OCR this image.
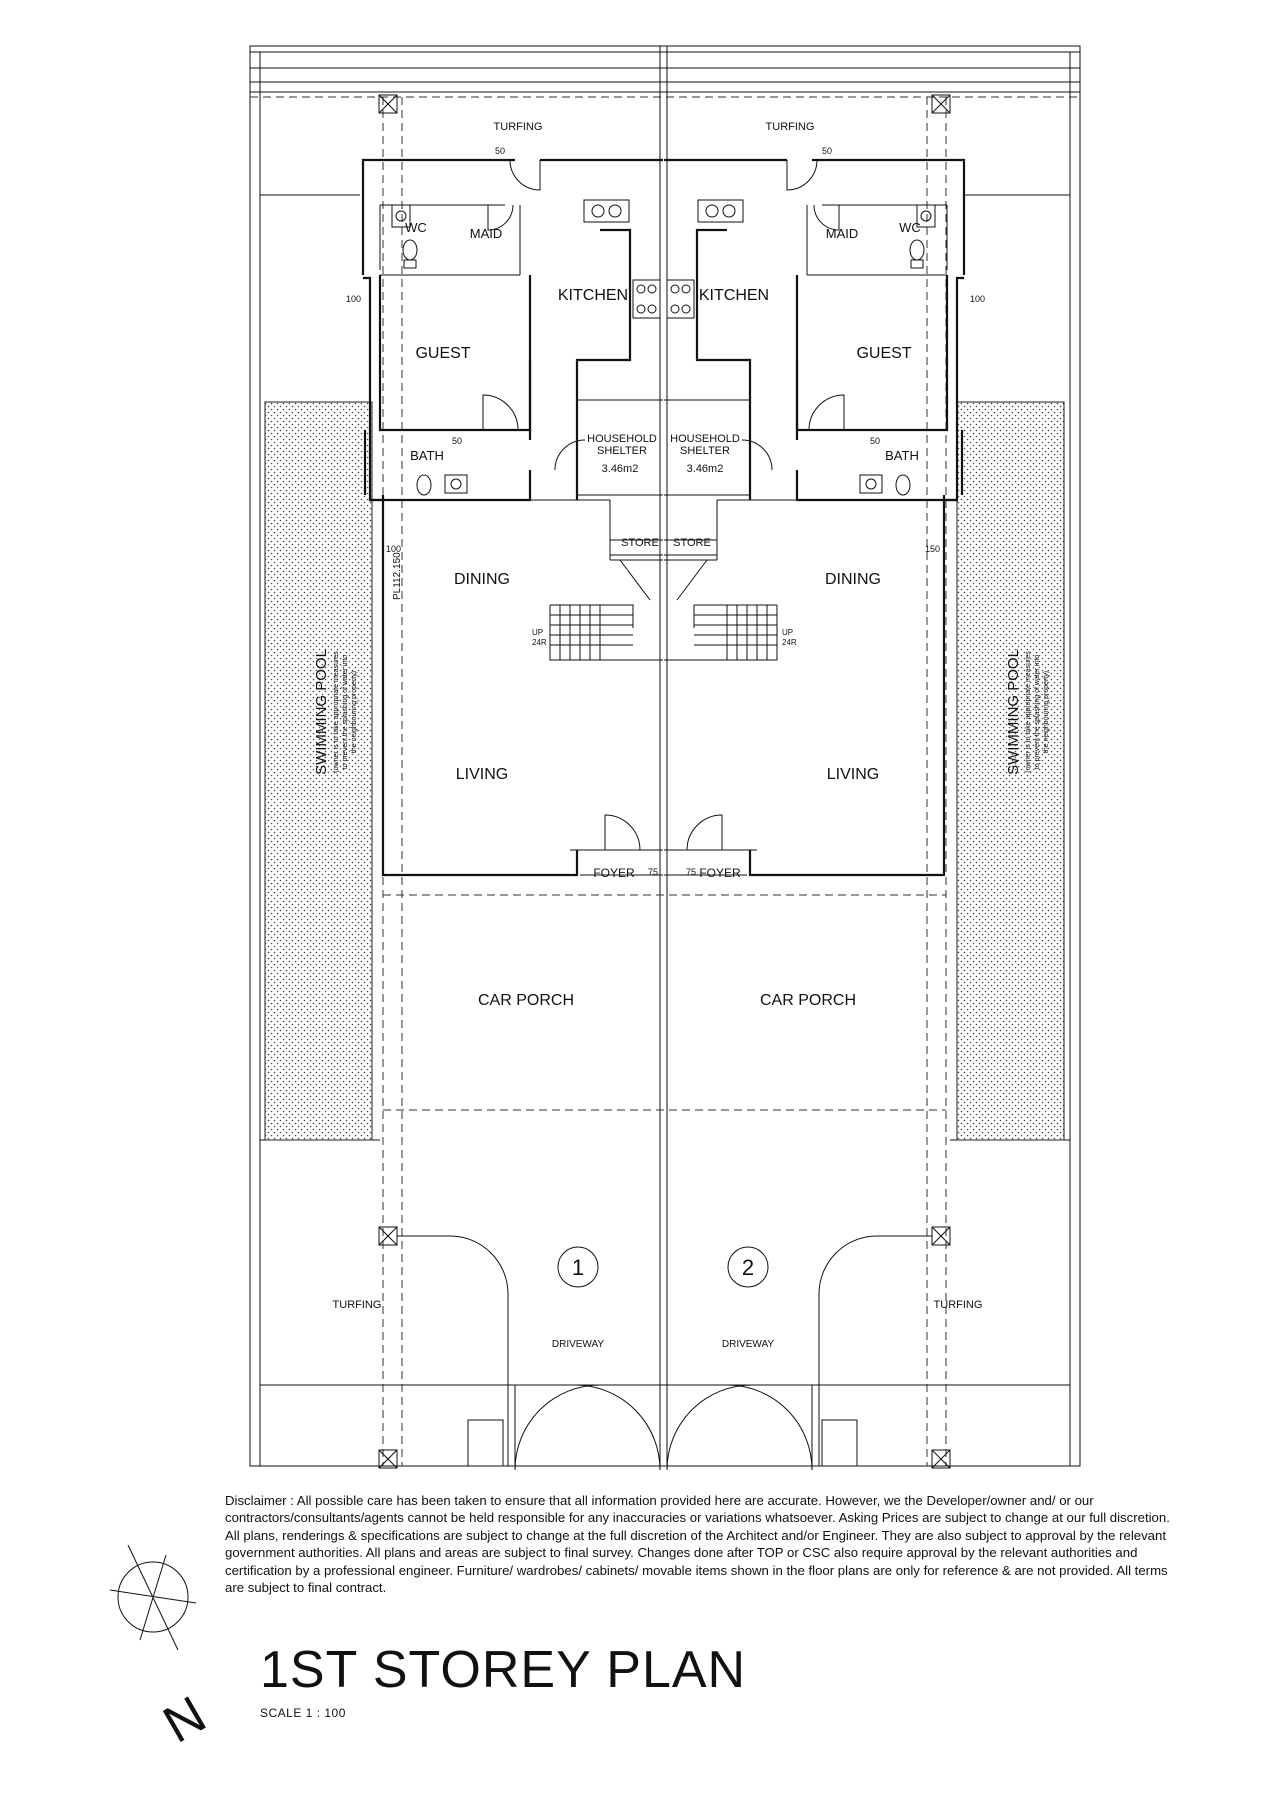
TURFING	TURFING
WC	WC
MAID	MAID
KITCHEN	KITCHEN
GUEST	GUEST
BATH	BATH
HOUSEHOLD
SHELTER
3.46m2
HOUSEHOLD
SHELTER
3.46m2
STORE STORE
DINING	DINING
LIVING	LIVING
FOYER	FOYER
CAR PORCH	CAR PORCH
TURFING	TURFING
DRIVEWAY	DRIVEWAY
1	2
UP
24R
UP
24R
50	50
100	100
100	150
50	50
75	75
PL112.150
SWIMMING POOL (owner is to take appropriate measures to prevent the splashing of water into the neighbouring property)	SWIMMING POOL (owner is to take appropriate measures to prevent the splashing of water into the neighbouring property)

Disclaimer : All possible care has been taken to ensure that all information provided here are accurate. However, we the Developer/owner and/ or our contractors/consultants/agents cannot be held responsible for any inaccuracies or variations whatsoever. Asking Prices are subject to change at our full discretion. All plans, renderings & specifications are subject to change at the full discretion of the Architect and/or Engineer. They are also subject to approval by the relevant government authorities. All plans and areas are subject to final survey. Changes done after TOP or CSC also require approval by the relevant authorities and certification by a professional engineer. Furniture/ wardrobes/ cabinets/ movable items shown in the floor plans are only for reference & are not provided. All terms are subject to final contract.

N
1ST STOREY PLAN
SCALE 1 : 100
